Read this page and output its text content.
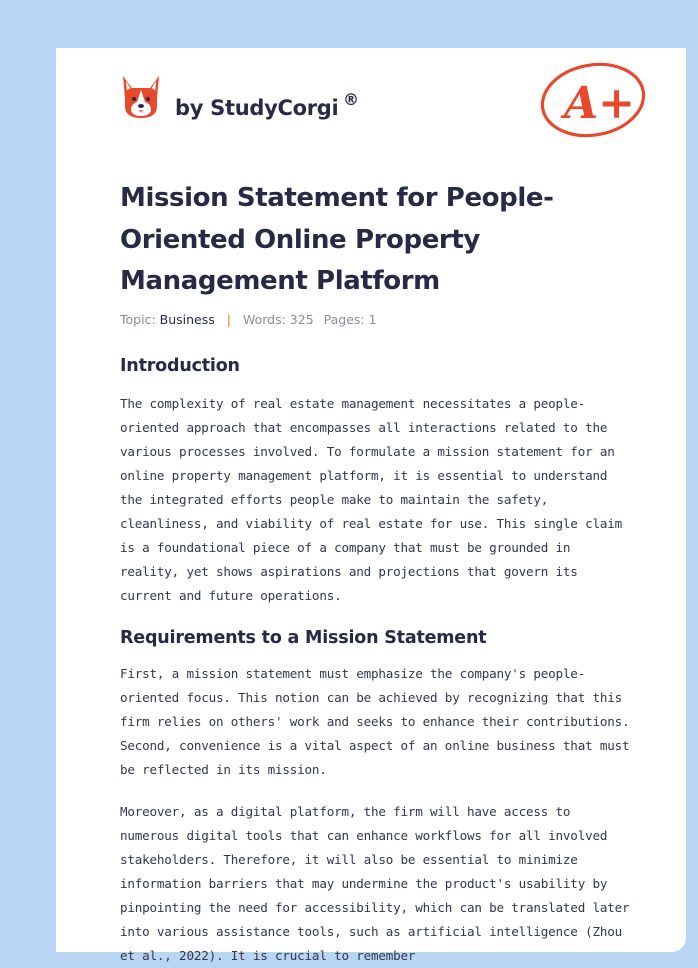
by StudyCorgi ®	A+
Mission Statement for People-Oriented Online Property Management Platform
Topic: Business | Words: 325 Pages: 1
Introduction

The complexity of real estate management necessitates a people-oriented approach that encompasses all interactions related to the various processes involved. To formulate a mission statement for an online property management platform, it is essential to understand the integrated efforts people make to maintain the safety, cleanliness, and viability of real estate for use. This single claim is a foundational piece of a company that must be grounded in reality, yet shows aspirations and projections that govern its current and future operations.

Requirements to a Mission Statement

First, a mission statement must emphasize the company's people-oriented focus. This notion can be achieved by recognizing that this firm relies on others' work and seeks to enhance their contributions. Second, convenience is a vital aspect of an online business that must be reflected in its mission.

Moreover, as a digital platform, the firm will have access to numerous digital tools that can enhance workflows for all involved stakeholders. Therefore, it will also be essential to minimize information barriers that may undermine the product's usability by pinpointing the need for accessibility, which can be translated later into various assistance tools, such as artificial intelligence (Zhou et al., 2022). It is crucial to remember
